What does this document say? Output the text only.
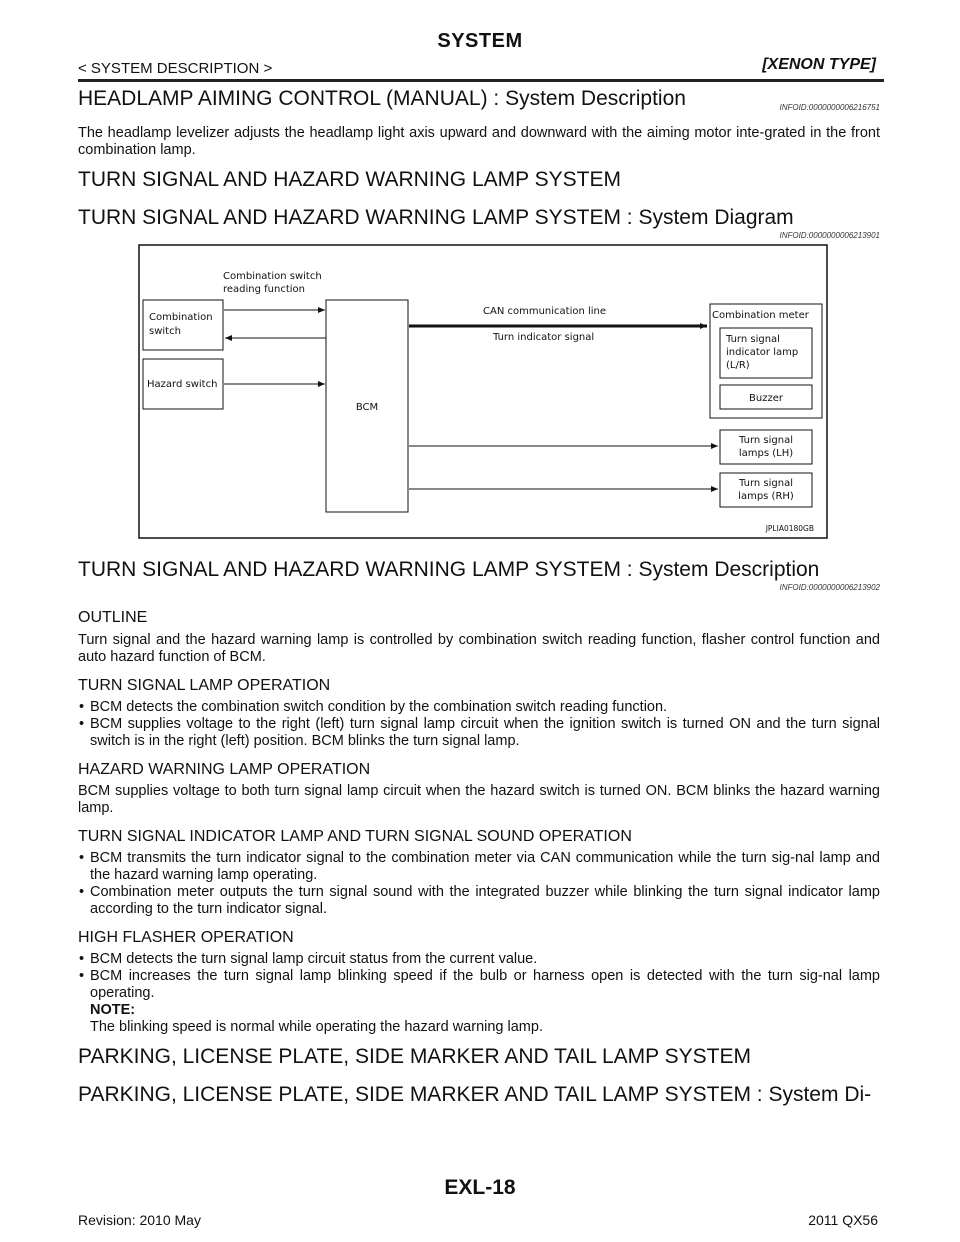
SYSTEM
< SYSTEM DESCRIPTION >	[XENON TYPE]
HEADLAMP AIMING CONTROL (MANUAL) : System Description	INFOID:0000000006216751

The headlamp levelizer adjusts the headlamp light axis upward and downward with the aiming motor inte-grated in the front combination lamp.

TURN SIGNAL AND HAZARD WARNING LAMP SYSTEM
TURN SIGNAL AND HAZARD WARNING LAMP SYSTEM : System Diagram
INFOID:0000000006213901
Combination
switch
Hazard switch
BCM
Combination switch
reading function
CAN communication line
Turn indicator signal
Combination meter
Turn signal
indicator lamp
(L/R)
Buzzer
Turn signal
lamps (LH)
Turn signal
lamps (RH)
JPLIA0180GB
TURN SIGNAL AND HAZARD WARNING LAMP SYSTEM : System Description
INFOID:0000000006213902
OUTLINE

Turn signal and the hazard warning lamp is controlled by combination switch reading function, flasher control function and auto hazard function of BCM.

TURN SIGNAL LAMP OPERATION
• BCM detects the combination switch condition by the combination switch reading function.
• BCM supplies voltage to the right (left) turn signal lamp circuit when the ignition switch is turned ON and the turn signal switch is in the right (left) position. BCM blinks the turn signal lamp.
HAZARD WARNING LAMP OPERATION

BCM supplies voltage to both turn signal lamp circuit when the hazard switch is turned ON. BCM blinks the hazard warning lamp.

TURN SIGNAL INDICATOR LAMP AND TURN SIGNAL SOUND OPERATION
• BCM transmits the turn indicator signal to the combination meter via CAN communication while the turn sig-nal lamp and the hazard warning lamp operating.
• Combination meter outputs the turn signal sound with the integrated buzzer while blinking the turn signal indicator lamp according to the turn indicator signal.
HIGH FLASHER OPERATION
• BCM detects the turn signal lamp circuit status from the current value.
• BCM increases the turn signal lamp blinking speed if the bulb or harness open is detected with the turn sig-nal lamp operating.
NOTE:
The blinking speed is normal while operating the hazard warning lamp.
PARKING, LICENSE PLATE, SIDE MARKER AND TAIL LAMP SYSTEM
PARKING, LICENSE PLATE, SIDE MARKER AND TAIL LAMP SYSTEM : System Di-
EXL-18
Revision: 2010 May	2011 QX56
